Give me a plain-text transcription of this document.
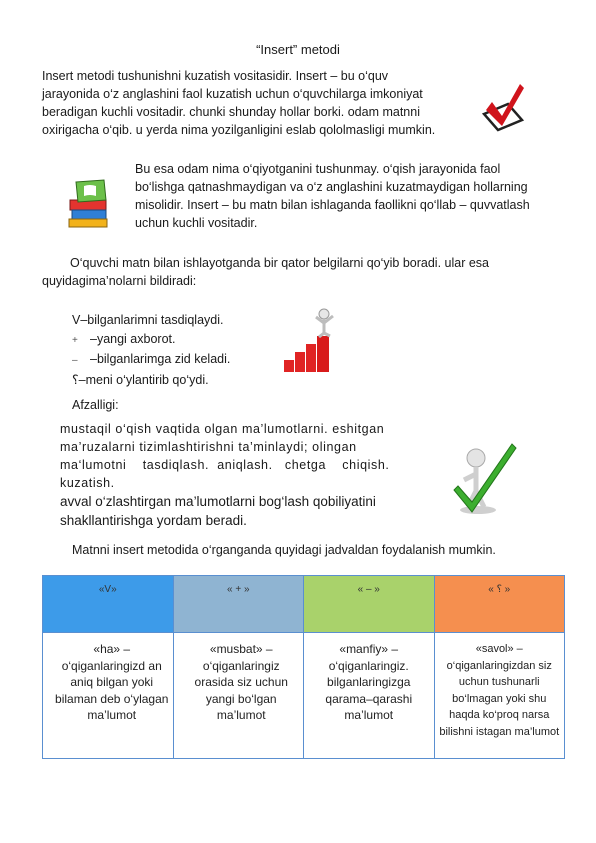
“Insert” metodi
Insert metodi tushunishni kuzatish vositasidir. Insert – bu o‘quv
jarayonida o‘z anglashini faol kuzatish uchun o‘quvchilarga imkoniyat
beradigan kuchli vositadir. chunki shunday hollar borki. odam matnni
oxirigacha o‘qib. u yerda nima yozilganligini eslab qololmasligi mumkin.
Bu esa odam nima o‘qiyotganini tushunmay. o‘qish jarayonida faol
bo‘lishga qatnashmaydigan va o‘z anglashini kuzatmaydigan hollarning
misolidir. Insert – bu matn bilan ishlaganda faollikni qo‘llab – quvvatlash
uchun kuchli vositadir.
O‘quvchi matn bilan ishlayotganda bir qator belgilarni qo‘yib boradi. ular esa
quyidagima’nolarni bildiradi:
V–bilganlarimni tasdiqlaydi.
+ –yangi axborot.
– –bilganlarimga zid keladi.
؟–meni o‘ylantirib qo‘ydi.
Afzalligi:
mustaqil o‘qish vaqtida olgan ma’lumotlarni. eshitgan
ma’ruzalarni tizimlashtirishni ta’minlaydi; olingan
ma‘lumotni    tasdiqlash.  aniqlash.   chetga    chiqish.
kuzatish.
avval o‘zlashtirgan ma’lumotlarni bog‘lash qobiliyatini
shakllantirishga yordam beradi.
Matnni insert metodida o‘rganganda quyidagi jadvaldan foydalanish mumkin.
«V»	« + »	« – »	« ؟ »
«ha» – o‘qiganlaringizd an aniq bilgan yoki bilaman deb o‘ylagan ma’lumot	«musbat» – o‘qiganlaringiz orasida siz uchun yangi bo‘lgan ma’lumot	«manfiy» – o‘qiganlaringiz. bilganlaringizga qarama–qarashi ma’lumot	«savol» – o‘qiganlaringizdan siz uchun tushunarli bo‘lmagan yoki shu haqda ko‘proq narsa bilishni istagan ma’lumot
